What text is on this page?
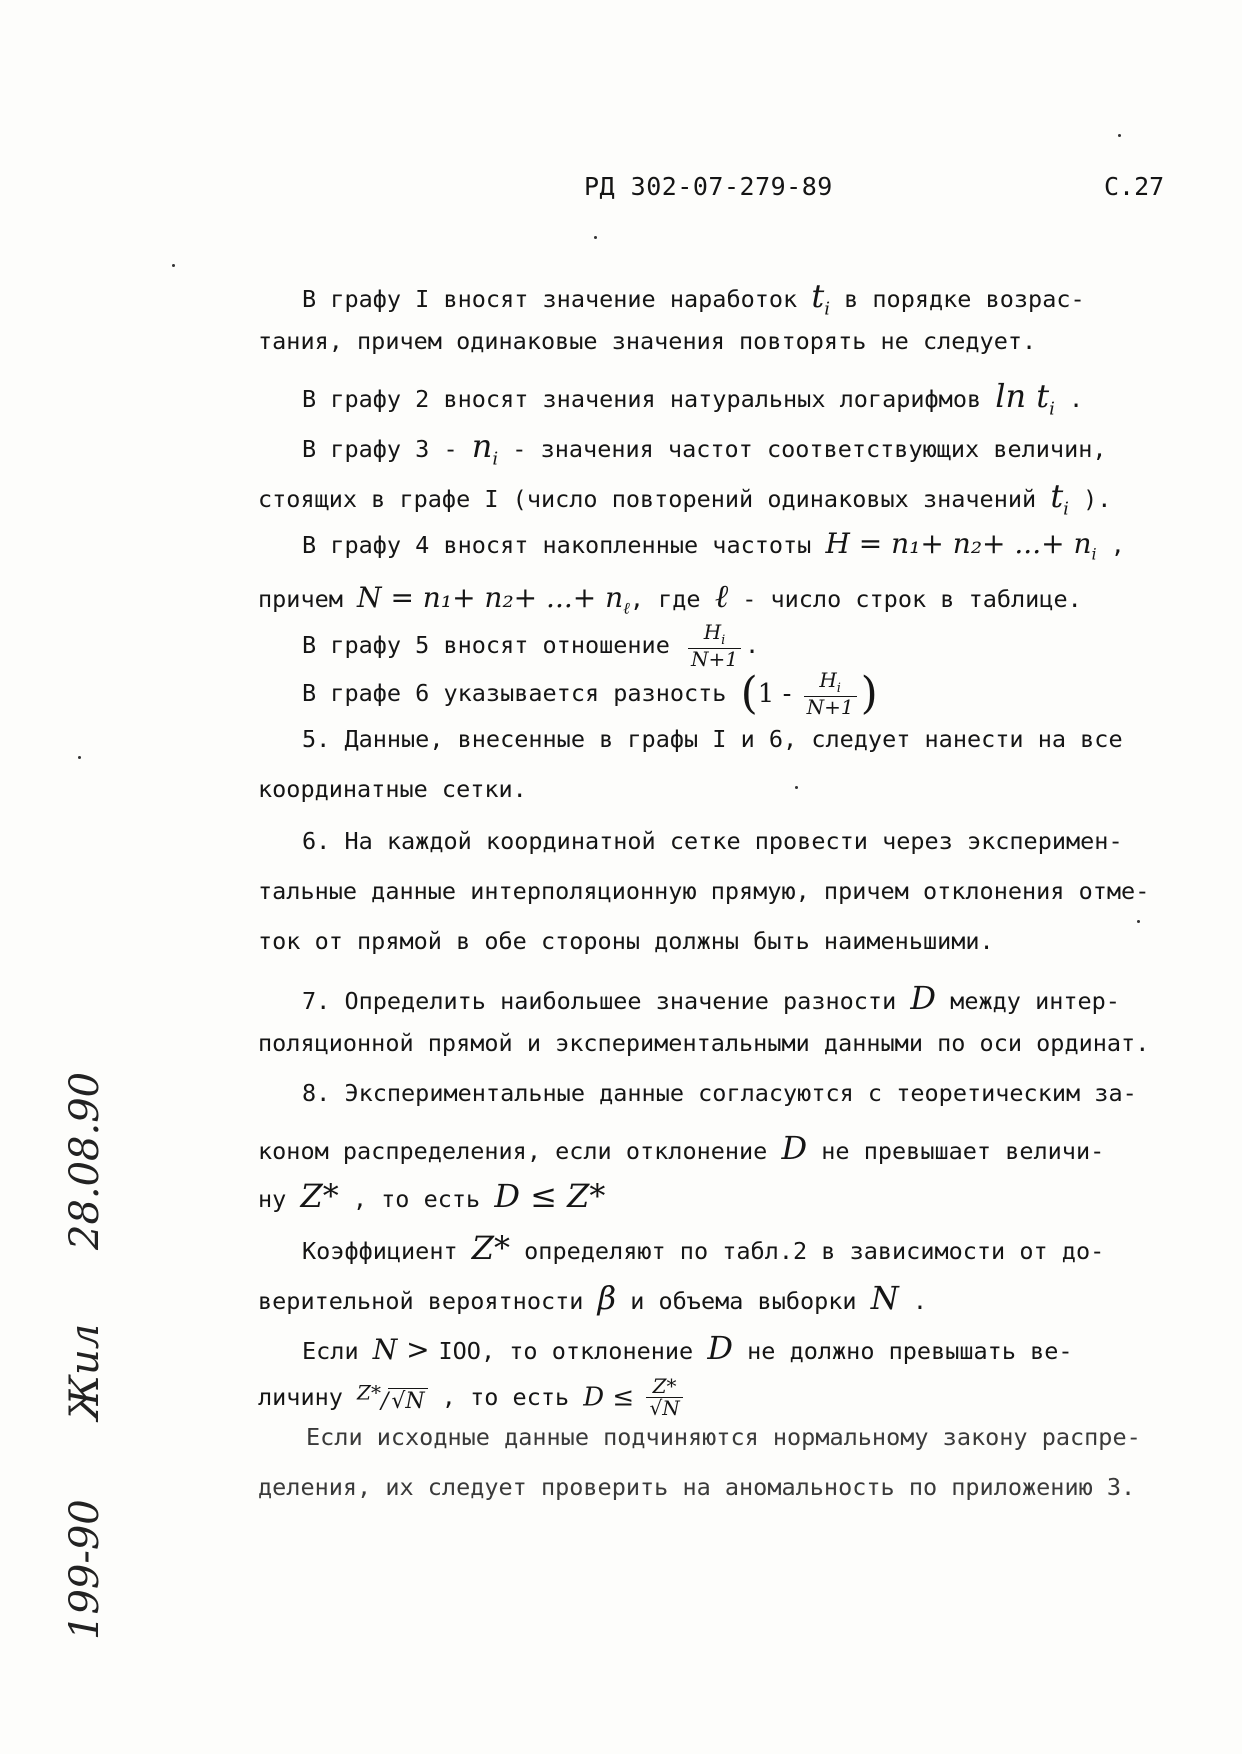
РД 302-07-279-89	С.27
В графу I вносят значение наработок $t_i$ в порядке возрас-
тания, причем одинаковые значения повторять не следует.
В графу 2 вносят значения натуральных логарифмов $\ln t_i$ .
В графу $3 - n_i$ - значения частот соответствующих величин,
стоящих в графе I (число повторений одинаковых значений $t_i$ ).
В графу 4 вносят накопленные частоты H = n₁+ n₂+ ...+ $n_i$ ,
причем N = n₁+ n₂+ ...+ $n_\ell$, где ℓ - число строк в таблице.
В графу 5 вносят отношение $\frac{H_i}{N+1}$ .
В графе 6 указывается разность ($1 - \frac{H_i}{N+1}$ )
5. Данные, внесенные в графы I и 6, следует нанести на все
координатные сетки.
6. На каждой координатной сетке провести через эксперимен-
тальные данные интерполяционную прямую, причем отклонения отме-
ток от прямой в обе стороны должны быть наименьшими.
7. Определить наибольшее значение разности D между интер-
поляционной прямой и экспериментальными данными по оси ординат.
8. Экспериментальные данные согласуются с теоретическим за-
коном распределения, если отклонение D не превышает величи-
ну Z* , то есть D ≤ Z*
Коэффициент Z* определяют по табл.2 в зависимости от до-
верительной вероятности β и объема выборки N .
Если N > IOO, то отклонение D не должно превышать ве-
личину $^{Z*}$/ √N , то есть $D \le \frac{Z*}{√N}$
Если исходные данные подчиняются нормальному закону распре-
деления, их следует проверить на аномальность по приложению 3.
28.08.90
Жил
199-90
